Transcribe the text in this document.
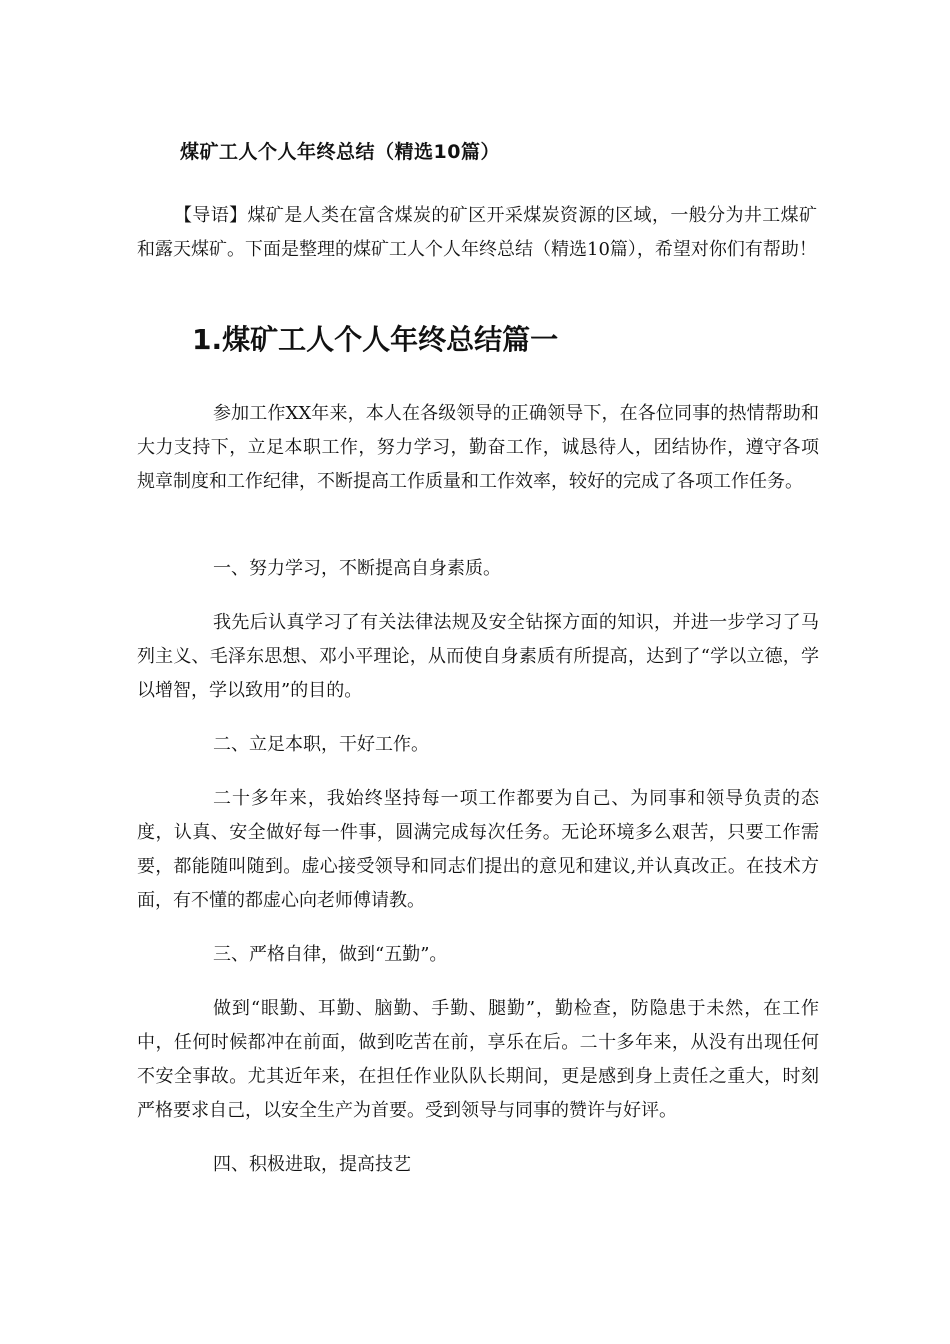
煤矿工人个人年终总结（精选10篇）

【导语】煤矿是人类在富含煤炭的矿区开采煤炭资源的区域，一般分为井工煤矿和露天煤矿。下面是整理的煤矿工人个人年终总结（精选10篇），希望对你们有帮助！

1.煤矿工人个人年终总结篇一

参加工作XX年来，本人在各级领导的正确领导下，在各位同事的热情帮助和大力支持下，立足本职工作，努力学习，勤奋工作，诚恳待人，团结协作，遵守各项规章制度和工作纪律，不断提高工作质量和工作效率，较好的完成了各项工作任务。

一、努力学习，不断提高自身素质。

我先后认真学习了有关法律法规及安全钻探方面的知识，并进一步学习了马列主义、毛泽东思想、邓小平理论，从而使自身素质有所提高，达到了“学以立德，学以增智，学以致用”的目的。

二、立足本职，干好工作。

二十多年来，我始终坚持每一项工作都要为自己、为同事和领导负责的态度，认真、安全做好每一件事，圆满完成每次任务。无论环境多么艰苦，只要工作需要，都能随叫随到。虚心接受领导和同志们提出的意见和建议,并认真改正。在技术方面，有不懂的都虚心向老师傅请教。

三、严格自律，做到“五勤”。

做到“眼勤、耳勤、脑勤、手勤、腿勤”，勤检查，防隐患于未然，在工作中，任何时候都冲在前面，做到吃苦在前，享乐在后。二十多年来，从没有出现任何不安全事故。尤其近年来，在担任作业队队长期间，更是感到身上责任之重大，时刻严格要求自己，以安全生产为首要。受到领导与同事的赞许与好评。

四、积极进取，提高技艺
